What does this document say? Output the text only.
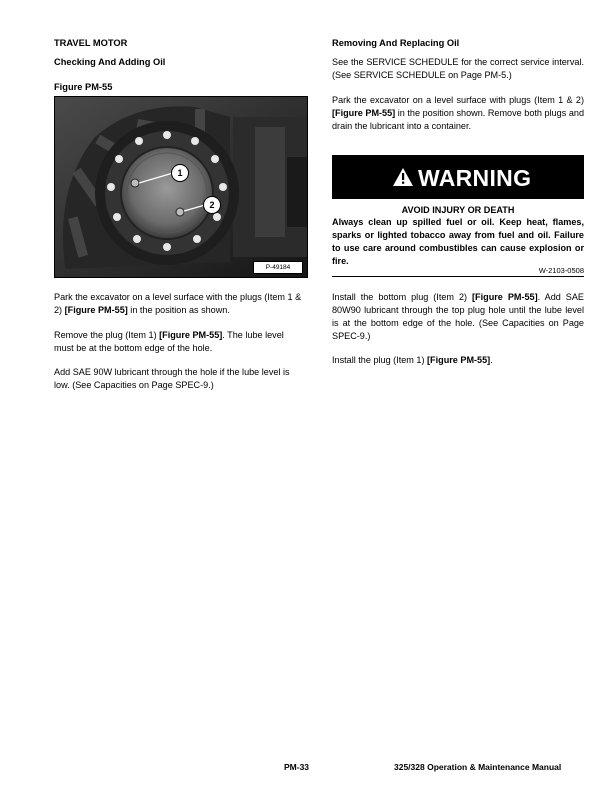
TRAVEL MOTOR
Checking And Adding Oil
Figure PM-55
1
2
P-49184

Park the excavator on a level surface with the plugs (Item 1 & 2) [Figure PM-55] in the position as shown.

Remove the plug (Item 1) [Figure PM-55]. The lube level must be at the bottom edge of the hole.

Add SAE 90W lubricant through the hole if the lube level is low. (See Capacities on Page SPEC-9.)

Removing And Replacing Oil

See the SERVICE SCHEDULE for the correct service interval. (See SERVICE SCHEDULE on Page PM-5.)

Park the excavator on a level surface with plugs (Item 1 & 2) [Figure PM-55] in the position shown. Remove both plugs and drain the lubricant into a container.

WARNING

AVOID INJURY OR DEATH

Always clean up spilled fuel or oil. Keep heat, flames, sparks or lighted tobacco away from fuel and oil. Failure to use care around combustibles can cause explosion or fire.

W-2103-0508

Install the bottom plug (Item 2) [Figure PM-55]. Add SAE 80W90 lubricant through the top plug hole until the lube level is at the bottom edge of the hole. (See Capacities on Page SPEC-9.)

Install the plug (Item 1) [Figure PM-55].

PM-33	325/328 Operation & Maintenance Manual
